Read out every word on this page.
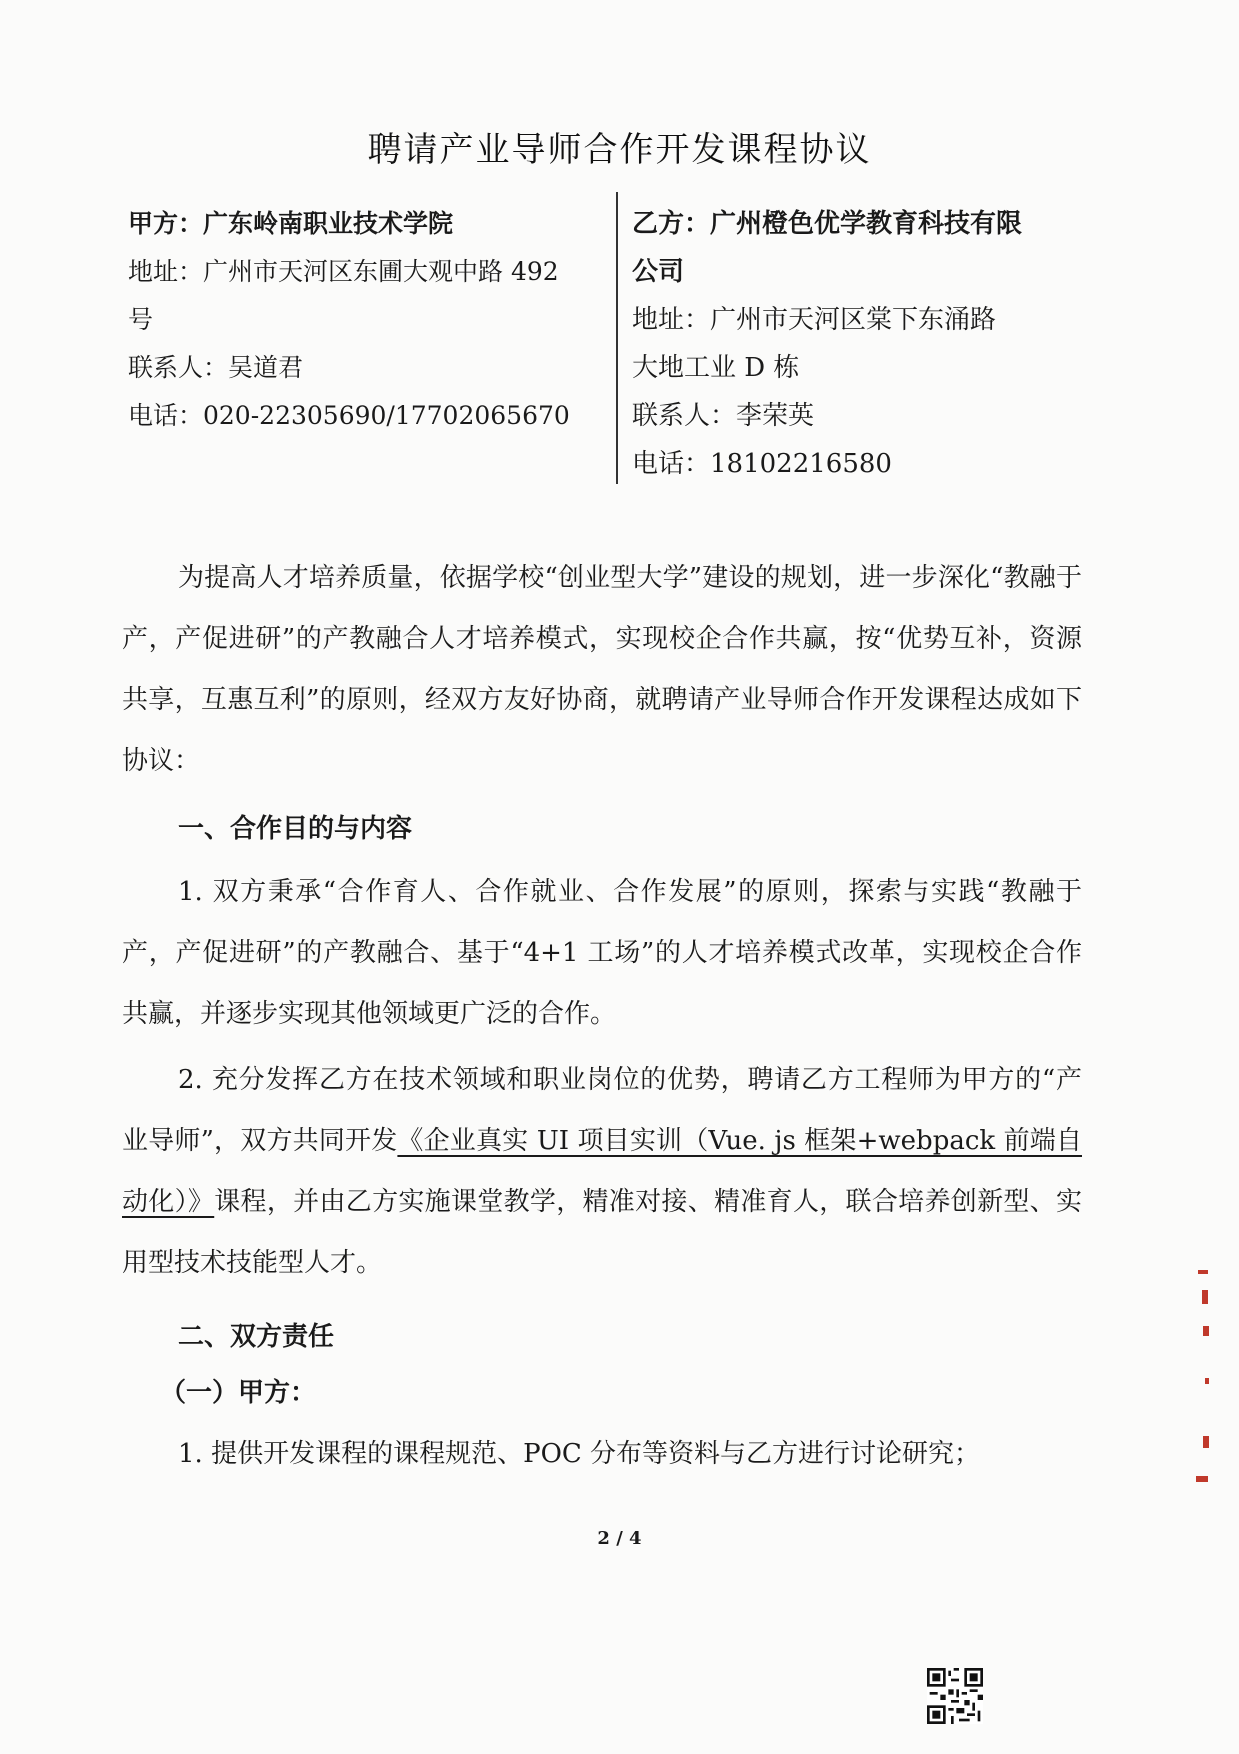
聘请产业导师合作开发课程协议
甲方：广东岭南职业技术学院
地址：广州市天河区东圃大观中路 492
号
联系人：吴道君
电话：020-22305690/17702065670
乙方：广州橙色优学教育科技有限
公司
地址：广州市天河区棠下东涌路
大地工业 D 栋
联系人：李荣英
电话：18102216580

为提高人才培养质量，依据学校“创业型大学”建设的规划，进一步深化“教融于产，产促进研”的产教融合人才培养模式，实现校企合作共赢，按“优势互补，资源共享，互惠互利”的原则，经双方友好协商，就聘请产业导师合作开发课程达成如下协议：

一、合作目的与内容

1. 双方秉承“合作育人、合作就业、合作发展”的原则，探索与实践“教融于产，产促进研”的产教融合、基于“4+1 工场”的人才培养模式改革，实现校企合作共赢，并逐步实现其他领域更广泛的合作。

2. 充分发挥乙方在技术领域和职业岗位的优势，聘请乙方工程师为甲方的“产业导师”，双方共同开发《企业真实 UI 项目实训（Vue. js 框架+webpack 前端自动化）》课程，并由乙方实施课堂教学，精准对接、精准育人，联合培养创新型、实用型技术技能型人才。

二、双方责任
（一）甲方：

1. 提供开发课程的课程规范、POC 分布等资料与乙方进行讨论研究；

2 / 4
